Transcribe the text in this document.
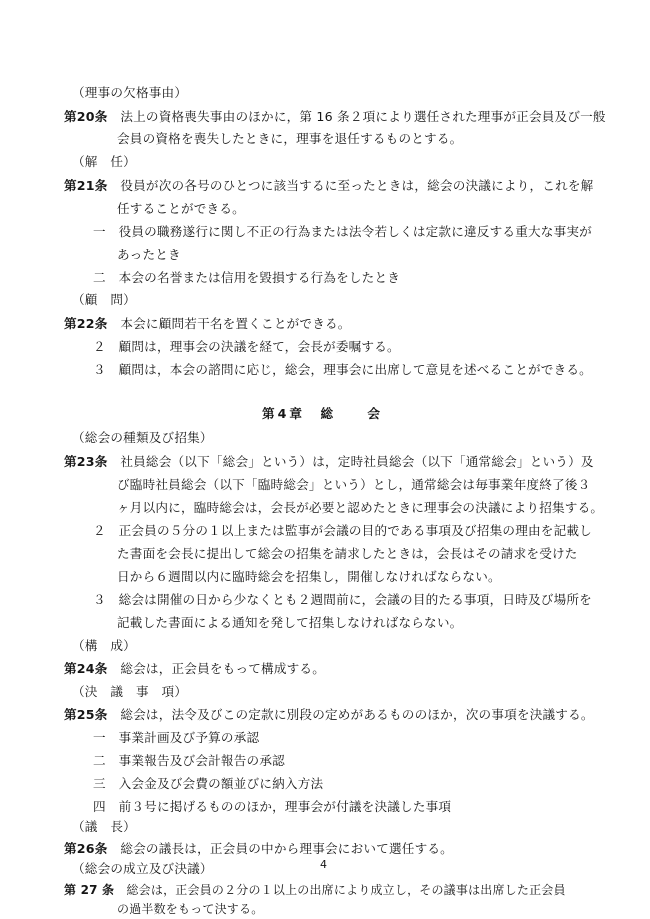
（理事の欠格事由）
第20条　 法上の資格喪失事由のほかに，第 16 条２項により選任された理事が正会員及び一般
会員の資格を喪失したときに，理事を退任するものとする。
（解　任）
第21条　 役員が次の各号のひとつに該当するに至ったときは，総会の決議により，これを解
任することができる。
一　役員の職務遂行に関し不正の行為または法令若しくは定款に違反する重大な事実が
あったとき
二　本会の名誉または信用を毀損する行為をしたとき
（顧　問）
第22条　 本会に顧問若干名を置くことができる。
２　顧問は，理事会の決議を経て，会長が委嘱する。
３　顧問は，本会の諮問に応じ，総会，理事会に出席して意見を述べることができる。
第4章　総　　会
（総会の種類及び招集）
第23条　 社員総会（以下「総会」という）は，定時社員総会（以下「通常総会」という）及
び臨時社員総会（以下「臨時総会」という）とし，通常総会は毎事業年度終了後３
ヶ月以内に，臨時総会は，会長が必要と認めたときに理事会の決議により招集する。
２　正会員の５分の１以上または監事が会議の目的である事項及び招集の理由を記載し
た書面を会長に提出して総会の招集を請求したときは，会長はその請求を受けた
日から６週間以内に臨時総会を招集し，開催しなければならない。
３　総会は開催の日から少なくとも２週間前に，会議の目的たる事項，日時及び場所を
記載した書面による通知を発して招集しなければならない。
（構　成）
第24条　 総会は，正会員をもって構成する。
（決　議　事　項）
第25条　 総会は，法令及びこの定款に別段の定めがあるもののほか，次の事項を決議する。
一　事業計画及び予算の承認
二　事業報告及び会計報告の承認
三　入会金及び会費の額並びに納入方法
四　前３号に掲げるもののほか，理事会が付議を決議した事項
（議　長）
第26条　 総会の議長は，正会員の中から理事会において選任する。
（総会の成立及び決議）
第 27 条　 総会は，正会員の２分の１以上の出席により成立し，その議事は出席した正会員
の過半数をもって決する。
4
